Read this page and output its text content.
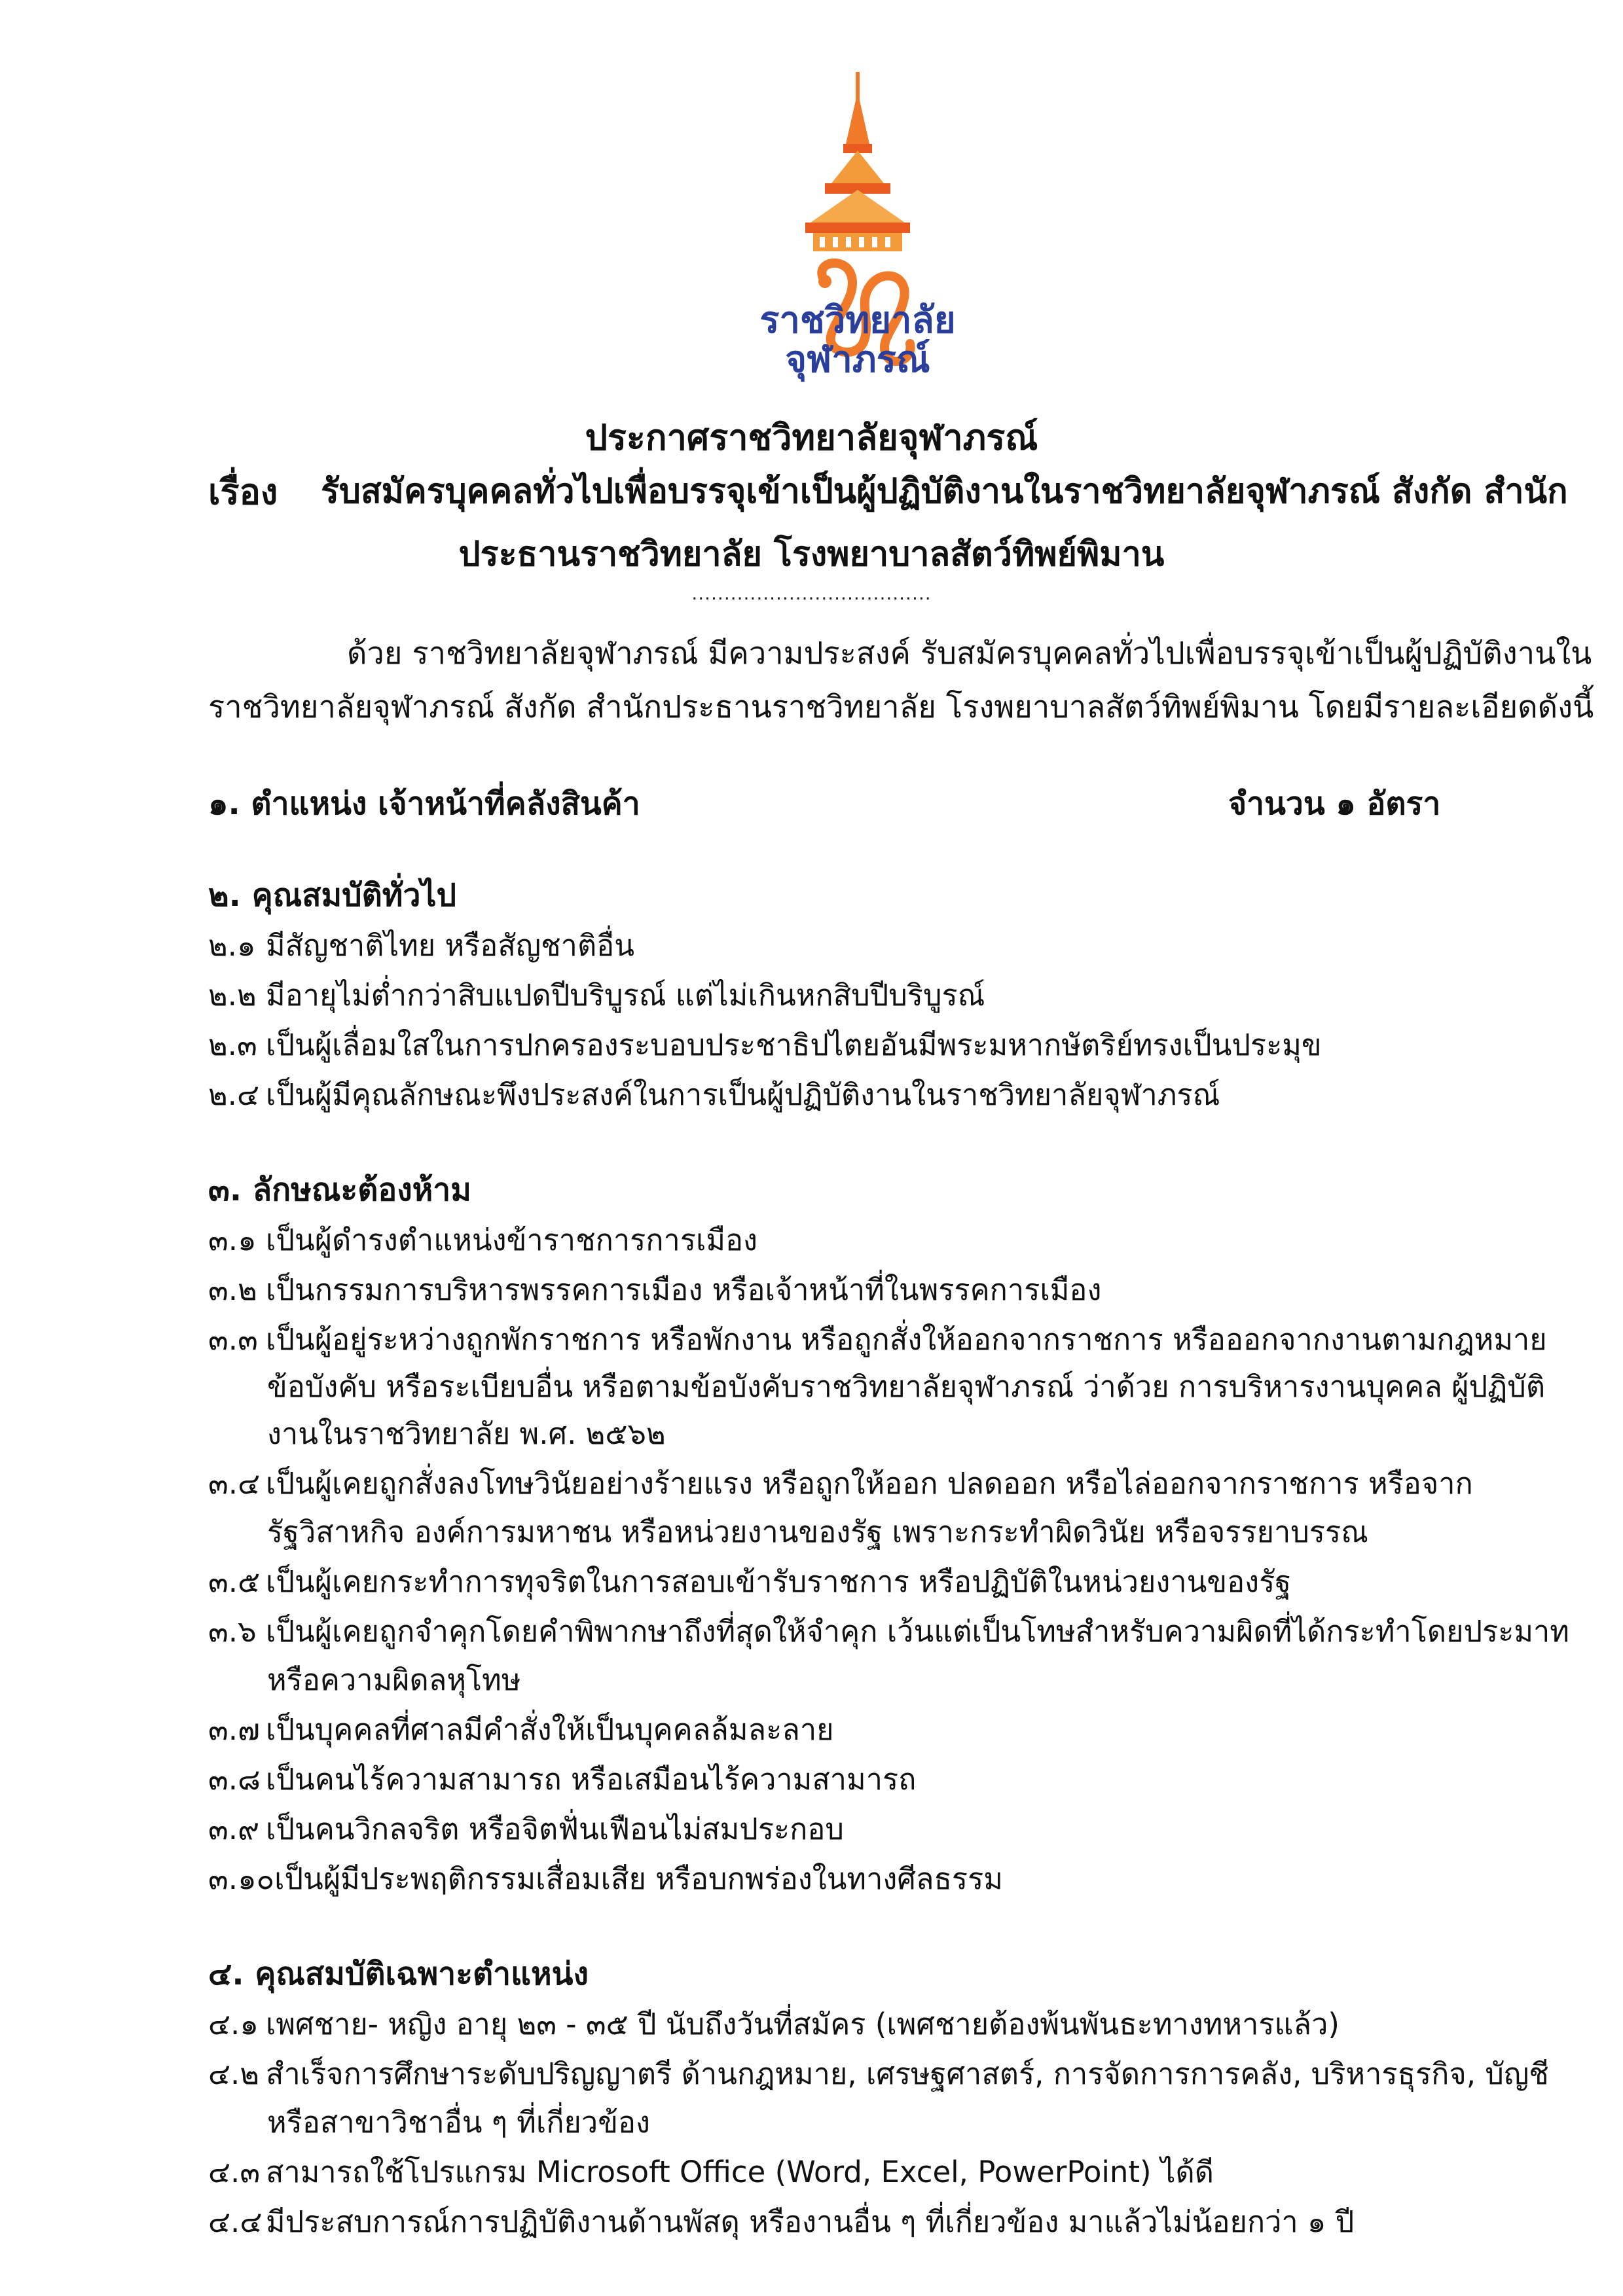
ราชวิทยาลัย
จุฬาภรณ์
ประกาศราชวิทยาลัยจุฬาภรณ์
เรื่อง รับสมัครบุคคลทั่วไปเพื่อบรรจุเข้าเป็นผู้ปฏิบัติงานในราชวิทยาลัยจุฬาภรณ์ สังกัด สำนัก
ประธานราชวิทยาลัย โรงพยาบาลสัตว์ทิพย์พิมาน
.....................................
ด้วย ราชวิทยาลัยจุฬาภรณ์ มีความประสงค์ รับสมัครบุคคลทั่วไปเพื่อบรรจุเข้าเป็นผู้ปฏิบัติงานใน
ราชวิทยาลัยจุฬาภรณ์ สังกัด สำนักประธานราชวิทยาลัย โรงพยาบาลสัตว์ทิพย์พิมาน โดยมีรายละเอียดดังนี้
๑. ตำแหน่ง เจ้าหน้าที่คลังสินค้า	จำนวน ๑ อัตรา
๒. คุณสมบัติทั่วไป
๒.๑ มีสัญชาติไทย หรือสัญชาติอื่น
๒.๒ มีอายุไม่ต่ำกว่าสิบแปดปีบริบูรณ์ แต่ไม่เกินหกสิบปีบริบูรณ์
๒.๓ เป็นผู้เลื่อมใสในการปกครองระบอบประชาธิปไตยอันมีพระมหากษัตริย์ทรงเป็นประมุข
๒.๔ เป็นผู้มีคุณลักษณะพึงประสงค์ในการเป็นผู้ปฏิบัติงานในราชวิทยาลัยจุฬาภรณ์
๓. ลักษณะต้องห้าม
๓.๑ เป็นผู้ดำรงตำแหน่งข้าราชการการเมือง
๓.๒ เป็นกรรมการบริหารพรรคการเมือง หรือเจ้าหน้าที่ในพรรคการเมือง
๓.๓ เป็นผู้อยู่ระหว่างถูกพักราชการ หรือพักงาน หรือถูกสั่งให้ออกจากราชการ หรือออกจากงานตามกฎหมาย
ข้อบังคับ หรือระเบียบอื่น หรือตามข้อบังคับราชวิทยาลัยจุฬาภรณ์ ว่าด้วย การบริหารงานบุคคล ผู้ปฏิบัติ
งานในราชวิทยาลัย พ.ศ. ๒๕๖๒
๓.๔ เป็นผู้เคยถูกสั่งลงโทษวินัยอย่างร้ายแรง หรือถูกให้ออก ปลดออก หรือไล่ออกจากราชการ หรือจาก
รัฐวิสาหกิจ องค์การมหาชน หรือหน่วยงานของรัฐ เพราะกระทำผิดวินัย หรือจรรยาบรรณ
๓.๕ เป็นผู้เคยกระทำการทุจริตในการสอบเข้ารับราชการ หรือปฏิบัติในหน่วยงานของรัฐ
๓.๖ เป็นผู้เคยถูกจำคุกโดยคำพิพากษาถึงที่สุดให้จำคุก เว้นแต่เป็นโทษสำหรับความผิดที่ได้กระทำโดยประมาท
หรือความผิดลหุโทษ
๓.๗ เป็นบุคคลที่ศาลมีคำสั่งให้เป็นบุคคลล้มละลาย
๓.๘ เป็นคนไร้ความสามารถ หรือเสมือนไร้ความสามารถ
๓.๙ เป็นคนวิกลจริต หรือจิตฟั่นเฟือนไม่สมประกอบ
๓.๑๐เป็นผู้มีประพฤติกรรมเสื่อมเสีย หรือบกพร่องในทางศีลธรรม
๔. คุณสมบัติเฉพาะตำแหน่ง
๔.๑ เพศชาย- หญิง อายุ ๒๓ - ๓๕ ปี นับถึงวันที่สมัคร (เพศชายต้องพ้นพันธะทางทหารแล้ว)
๔.๒ สำเร็จการศึกษาระดับปริญญาตรี ด้านกฎหมาย, เศรษฐศาสตร์, การจัดการการคลัง, บริหารธุรกิจ, บัญชี
หรือสาขาวิชาอื่น ๆ ที่เกี่ยวข้อง
๔.๓ สามารถใช้โปรแกรม Microsoft Office (Word, Excel, PowerPoint) ได้ดี
๔.๔ มีประสบการณ์การปฏิบัติงานด้านพัสดุ หรืองานอื่น ๆ ที่เกี่ยวข้อง มาแล้วไม่น้อยกว่า ๑ ปี
